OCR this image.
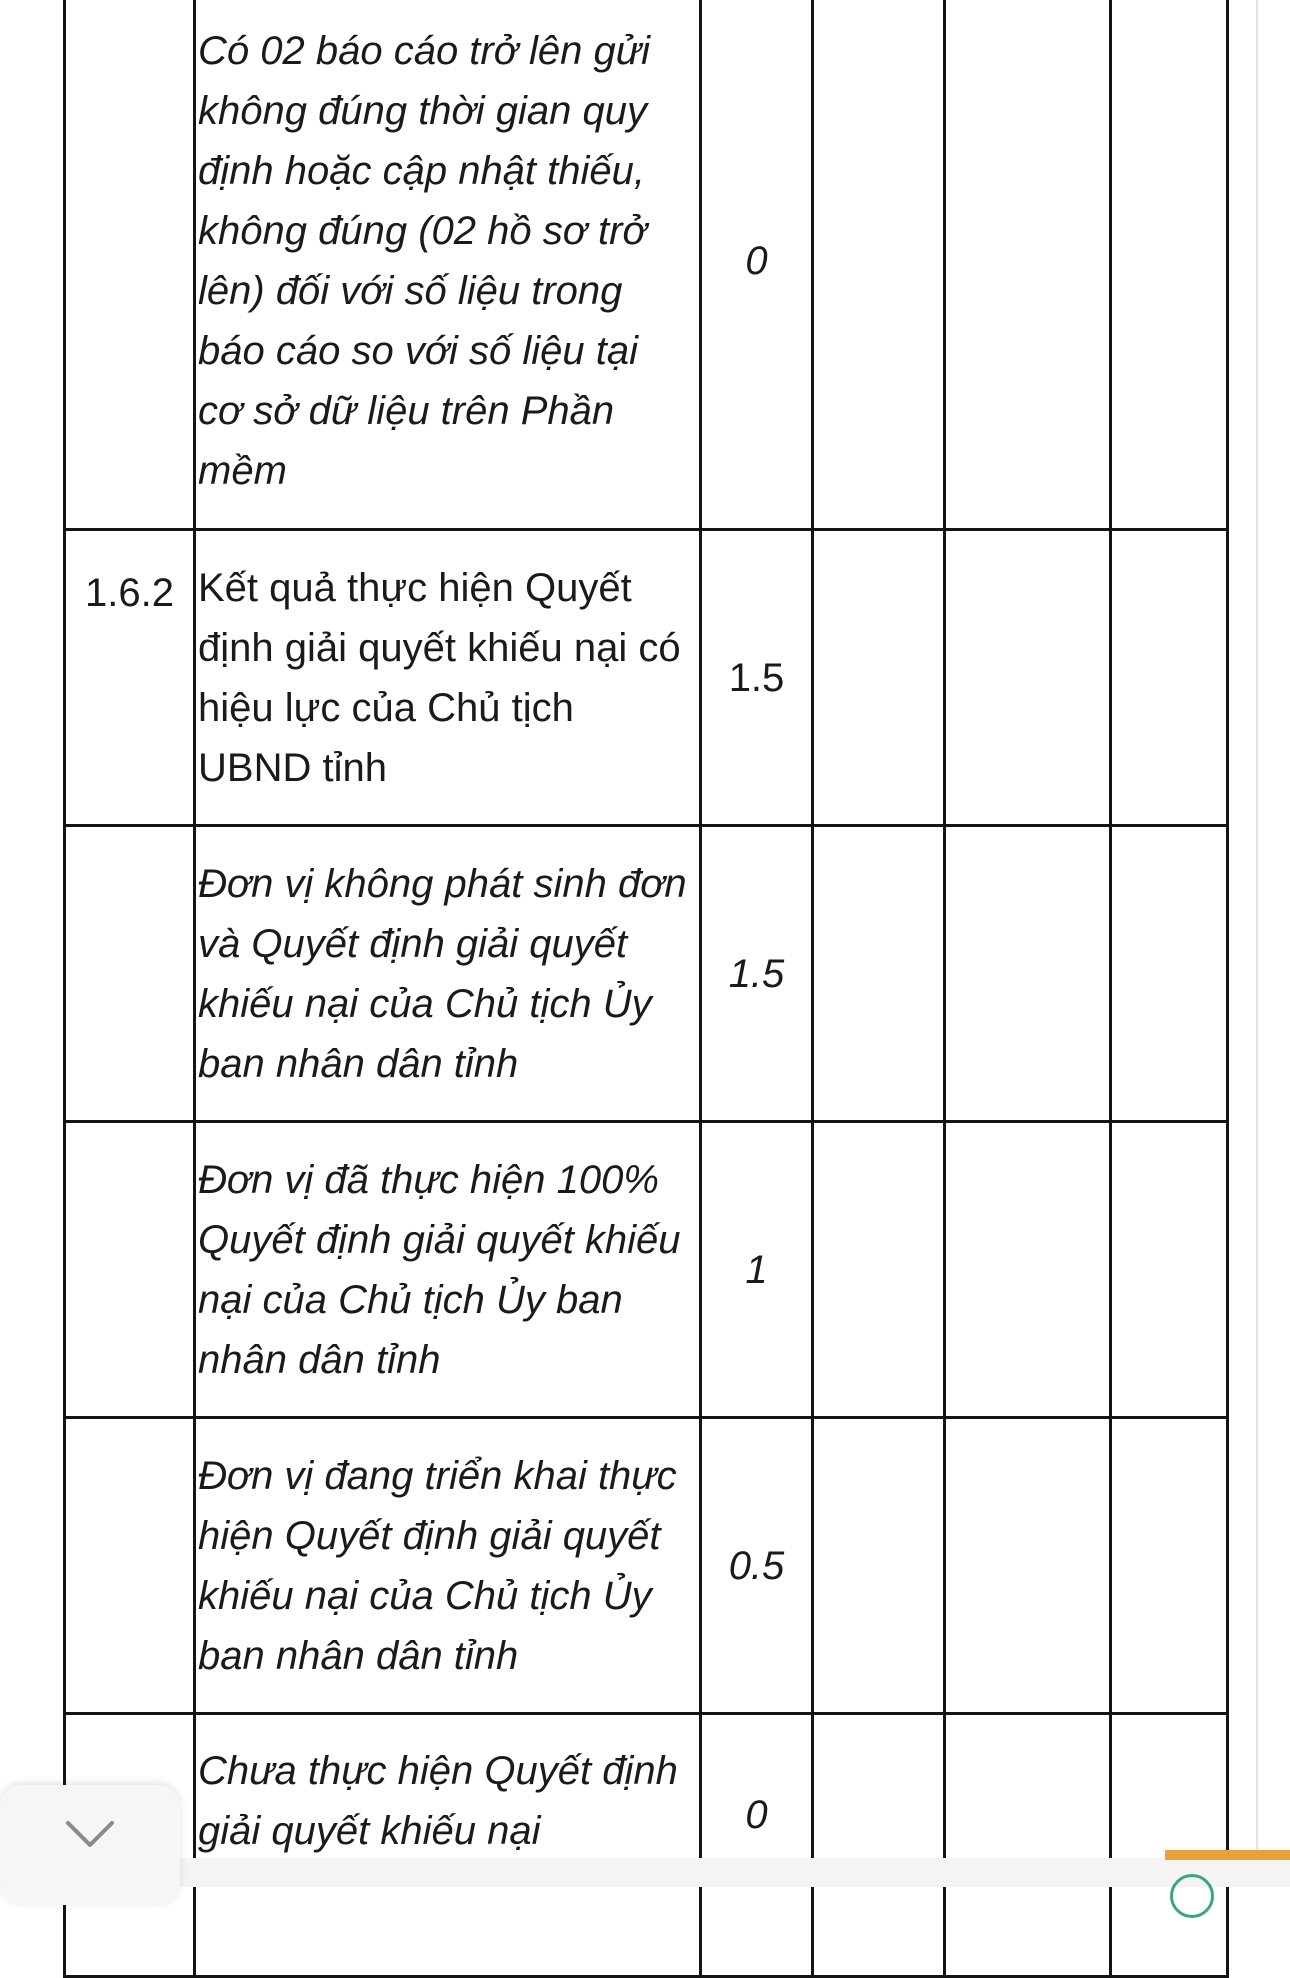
	Có 02 báo cáo trở lên gửi không đúng thời gian quy định hoặc cập nhật thiếu, không đúng (02 hồ sơ trở lên) đối với số liệu trong báo cáo so với số liệu tại cơ sở dữ liệu trên Phần mềm	0			
1.6.2	Kết quả thực hiện Quyết định giải quyết khiếu nại có hiệu lực của Chủ tịch UBND tỉnh	1.5			
	Đơn vị không phát sinh đơn và Quyết định giải quyết khiếu nại của Chủ tịch Ủy ban nhân dân tỉnh	1.5			
	Đơn vị đã thực hiện 100% Quyết định giải quyết khiếu nại của Chủ tịch Ủy ban nhân dân tỉnh	1			
	Đơn vị đang triển khai thực hiện Quyết định giải quyết khiếu nại của Chủ tịch Ủy ban nhân dân tỉnh	0.5			
	Chưa thực hiện Quyết định giải quyết khiếu nại	0			
